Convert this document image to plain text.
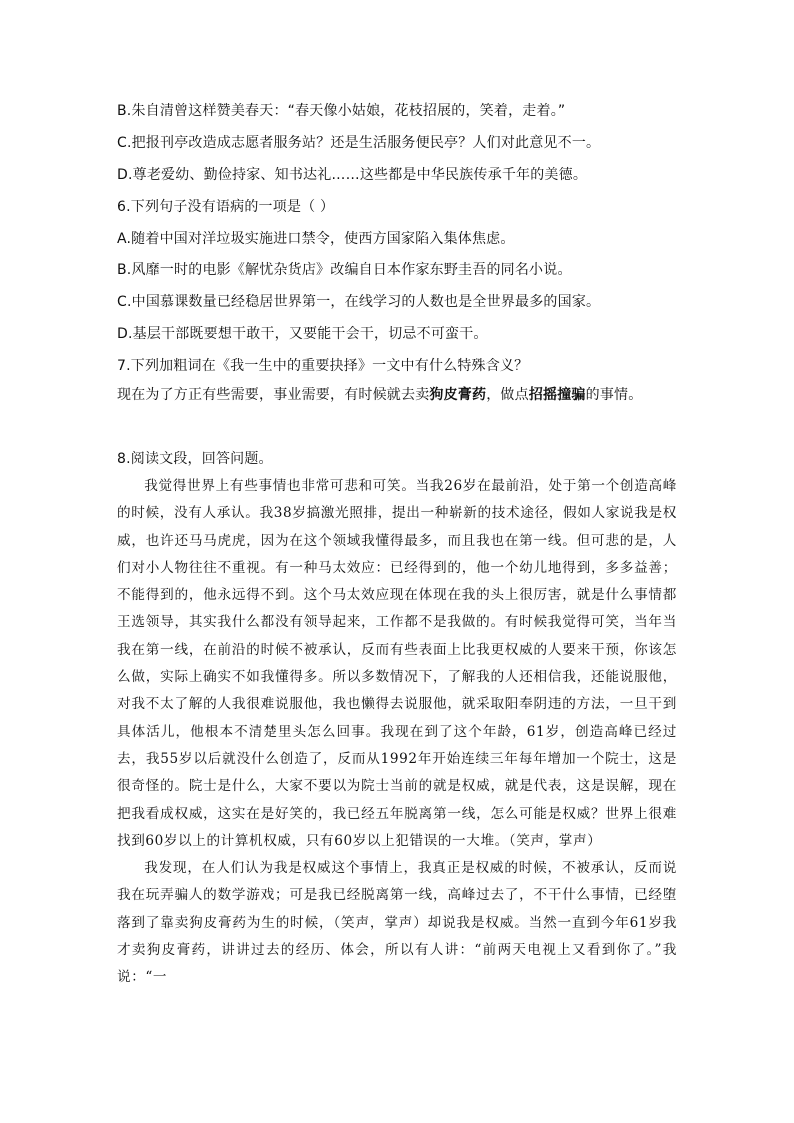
B.朱自清曾这样赞美春天：“春天像小姑娘，花枝招展的，笑着，走着。”
C.把报刊亭改造成志愿者服务站？还是生活服务便民亭？人们对此意见不一。
D.尊老爱幼、勤俭持家、知书达礼……这些都是中华民族传承千年的美德。
6.下列句子没有语病的一项是（ ）
A.随着中国对洋垃圾实施进口禁令，使西方国家陷入集体焦虑。
B.风靡一时的电影《解忧杂货店》改编自日本作家东野圭吾的同名小说。
C.中国慕课数量已经稳居世界第一，在线学习的人数也是全世界最多的国家。
D.基层干部既要想干敢干，又要能干会干，切忌不可蛮干。
7.下列加粗词在《我一生中的重要抉择》一文中有什么特殊含义？
现在为了方正有些需要，事业需要，有时候就去卖狗皮膏药，做点招摇撞骗的事情。
8.阅读文段，回答问题。

我觉得世界上有些事情也非常可悲和可笑。当我26岁在最前沿，处于第一个创造高峰的时候，没有人承认。我38岁搞激光照排，提出一种崭新的技术途径，假如人家说我是权威，也许还马马虎虎，因为在这个领域我懂得最多，而且我也在第一线。但可悲的是，人们对小人物往往不重视。有一种马太效应：已经得到的，他一个幼儿地得到，多多益善；不能得到的，他永远得不到。这个马太效应现在体现在我的头上很厉害，就是什么事情都王选领导，其实我什么都没有领导起来，工作都不是我做的。有时候我觉得可笑，当年当我在第一线，在前沿的时候不被承认，反而有些表面上比我更权威的人要来干预，你该怎么做，实际上确实不如我懂得多。所以多数情况下，了解我的人还相信我，还能说服他，对我不太了解的人我很难说服他，我也懒得去说服他，就采取阳奉阴违的方法，一旦干到具体活儿，他根本不清楚里头怎么回事。我现在到了这个年龄，61岁，创造高峰已经过去，我55岁以后就没什么创造了，反而从1992年开始连续三年每年增加一个院士，这是很奇怪的。院士是什么，大家不要以为院士当前的就是权威，就是代表，这是误解，现在把我看成权威，这实在是好笑的，我已经五年脱离第一线，怎么可能是权威？世界上很难找到60岁以上的计算机权威，只有60岁以上犯错误的一大堆。（笑声，掌声）

我发现，在人们认为我是权威这个事情上，我真正是权威的时候，不被承认，反而说我在玩弄骗人的数学游戏；可是我已经脱离第一线，高峰过去了，不干什么事情，已经堕落到了靠卖狗皮膏药为生的时候，（笑声，掌声）却说我是权威。当然一直到今年61岁我才卖狗皮膏药，讲讲过去的经历、体会，所以有人讲：“前两天电视上又看到你了。”我说：“一
